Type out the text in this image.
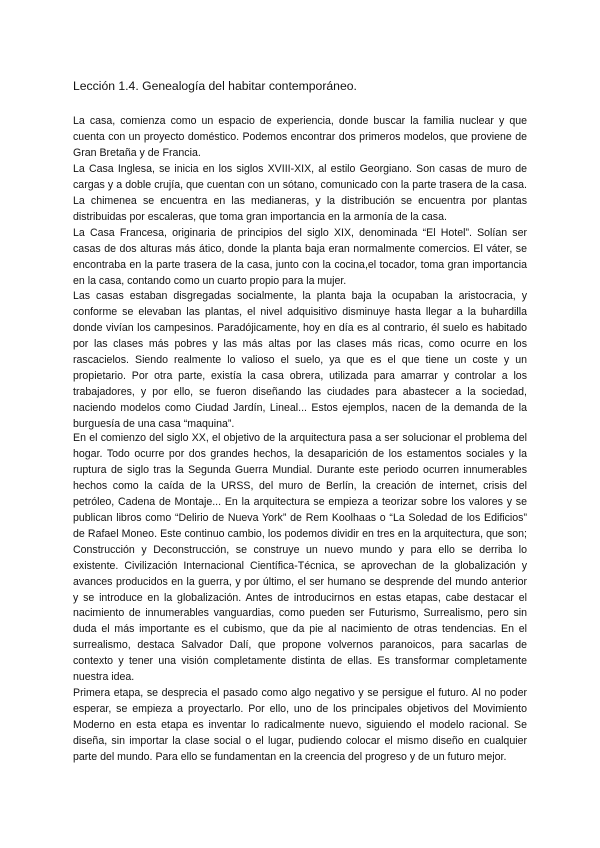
Lección 1.4. Genealogía del habitar contemporáneo.

La casa, comienza como un espacio de experiencia, donde buscar la familia nuclear y que cuenta con un proyecto doméstico. Podemos encontrar dos primeros modelos, que proviene de Gran Bretaña y de Francia.

La Casa Inglesa, se inicia en los siglos XVIII-XIX, al estilo Georgiano. Son casas de muro de cargas y a doble crujía, que cuentan con un sótano, comunicado con la parte trasera de la casa. La chimenea se encuentra en las medianeras, y la distribución se encuentra por plantas distribuidas por escaleras, que toma gran importancia en la armonía de la casa.

La Casa Francesa, originaria de principios del siglo XIX, denominada “El Hotel”. Solían ser casas de dos alturas más ático, donde la planta baja eran normalmente comercios. El váter, se encontraba en la parte trasera de la casa, junto con la cocina,el tocador, toma gran importancia en la casa, contando como un cuarto propio para la mujer.

Las casas estaban disgregadas socialmente, la planta baja la ocupaban la aristocracia, y conforme se elevaban las plantas, el nivel adquisitivo disminuye hasta llegar a la buhardilla donde vivían los campesinos. Paradójicamente, hoy en día es al contrario, él suelo es habitado por las clases más pobres y las más altas por las clases más ricas, como ocurre en los rascacielos. Siendo realmente lo valioso el suelo, ya que es el que tiene un coste y un propietario. Por otra parte, existía la casa obrera, utilizada para amarrar y controlar a los trabajadores, y por ello, se fueron diseñando las ciudades para abastecer a la sociedad, naciendo modelos como Ciudad Jardín, Lineal... Estos ejemplos, nacen de la demanda de la burguesía de una casa “maquina”.

En el comienzo del siglo XX, el objetivo de la arquitectura pasa a ser solucionar el problema del hogar. Todo ocurre por dos grandes hechos, la desaparición de los estamentos sociales y la ruptura de siglo tras la Segunda Guerra Mundial. Durante este periodo ocurren innumerables hechos como la caída de la URSS, del muro de Berlín, la creación de internet, crisis del petróleo, Cadena de Montaje... En la arquitectura se empieza a teorizar sobre los valores y se publican libros como “Delirio de Nueva York” de Rem Koolhaas o “La Soledad de los Edificios” de Rafael Moneo. Este continuo cambio, los podemos dividir en tres en la arquitectura, que son; Construcción y Deconstrucción, se construye un nuevo mundo y para ello se derriba lo existente. Civilización Internacional Científica-Técnica, se aprovechan de la globalización y avances producidos en la guerra, y por último, el ser humano se desprende del mundo anterior y se introduce en la globalización. Antes de introducirnos en estas etapas, cabe destacar el nacimiento de innumerables vanguardias, como pueden ser Futurismo, Surrealismo, pero sin duda el más importante es el cubismo, que da pie al nacimiento de otras tendencias. En el surrealismo, destaca Salvador Dalí, que propone volvernos paranoicos, para sacarlas de contexto y tener una visión completamente distinta de ellas. Es transformar completamente nuestra idea.

Primera etapa, se desprecia el pasado como algo negativo y se persigue el futuro. Al no poder esperar, se empieza a proyectarlo. Por ello, uno de los principales objetivos del Movimiento Moderno en esta etapa es inventar lo radicalmente nuevo, siguiendo el modelo racional. Se diseña, sin importar la clase social o el lugar, pudiendo colocar el mismo diseño en cualquier parte del mundo. Para ello se fundamentan en la creencia del progreso y de un futuro mejor.
